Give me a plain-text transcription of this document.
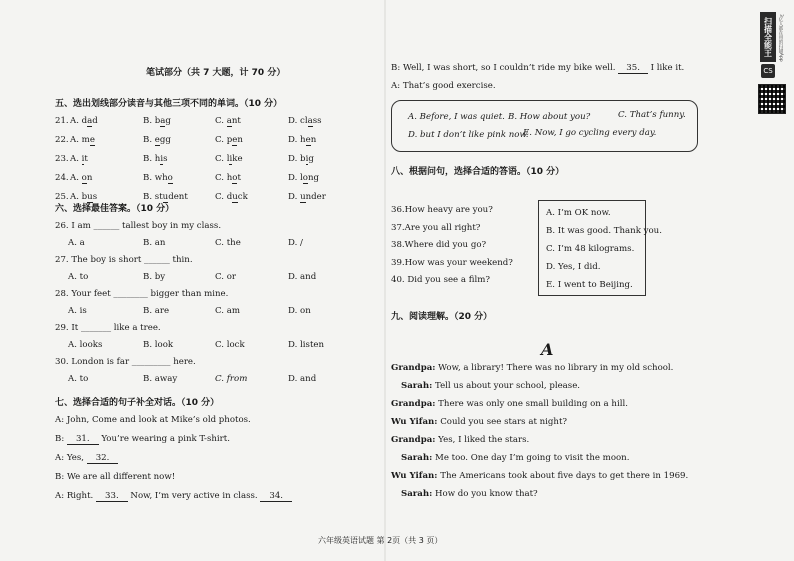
笔试部分（共 7 大题，计 70 分）
五、选出划线部分读音与其他三项不同的单词。（10 分）
21. A. dad	B. bag	C. ant	D. class
22. A. me	B. egg	C. pen	D. hen
23. A. it	B. his	C. like	D. big
24. A. on	B. who	C. hot	D. long
25. A. bus	B. student	C. duck	D. under
六、选择最佳答案。（10 分）
26. I am ______ tallest boy in my class.
A. a	B. an	C. the	D. /
27. The boy is short ______ thin.
A. to	B. by	C. or	D. and
28. Your feet ________ bigger than mine.
A. is	B. are	C. am	D. on
29. It _______ like a tree.
A. looks	B. look	C. lock	D. listen
30. London is far _________ here.
A. to	B. away	C. from	D. and
七、选择合适的句子补全对话。（10 分）
A: John, Come and look at Mike’s old photos.
B: 31. You’re wearing a pink T-shirt.
A: Yes, 32.
B: We are all different now!
A: Right. 33. Now, I’m very active in class. 34.
B: Well, I was short, so I couldn’t ride my bike well. 35. I like it.
A: That’s good exercise.
A. Before, I was quiet. B. How about you?	C. That’s funny.
D. but I don’t like pink now.
E. Now, I go cycling every day.
八、根据问句，选择合适的答语。（10 分）
36.How heavy are you?
37.Are you all right?
38.Where did you go?
39.How was your weekend?
40. Did you see a film?
A. I’m OK now.
B. It was good. Thank you.
C. I’m 48 kilograms.
D. Yes, I did.
E. I went to Beijing.
九、阅读理解。（20 分）
A
Grandpa: Wow, a library! There was no library in my old school.
Sarah: Tell us about your school, please.
Grandpa: There was only one small building on a hill.
Wu Yifan: Could you see stars at night?
Grandpa: Yes, I liked the stars.
Sarah: Me too. One day I’m going to visit the moon.
Wu Yifan: The Americans took about five days to get there in 1969.
Sarah: How do you know that?
六年级英语试题 第 2页（共 3 页）
扫描全能王	3亿人都在用的扫描App
CS
